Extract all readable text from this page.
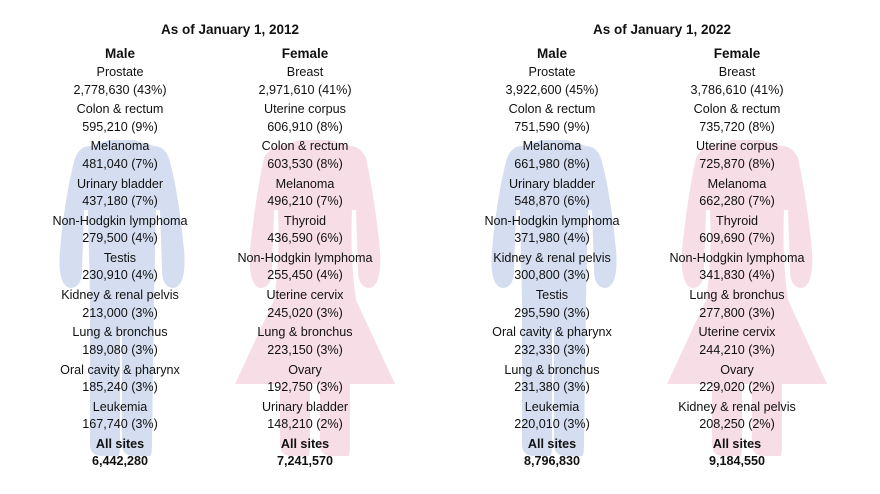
As of January 1, 2012
Male
Prostate
2,778,630 (43%)
Colon & rectum
595,210 (9%)
Melanoma
481,040 (7%)
Urinary bladder
437,180 (7%)
Non-Hodgkin lymphoma
279,500 (4%)
Testis
230,910 (4%)
Kidney & renal pelvis
213,000 (3%)
Lung & bronchus
189,080 (3%)
Oral cavity & pharynx
185,240 (3%)
Leukemia
167,740 (3%)
All sites
6,442,280
Female
Breast
2,971,610 (41%)
Uterine corpus
606,910 (8%)
Colon & rectum
603,530 (8%)
Melanoma
496,210 (7%)
Thyroid
436,590 (6%)
Non-Hodgkin lymphoma
255,450 (4%)
Uterine cervix
245,020 (3%)
Lung & bronchus
223,150 (3%)
Ovary
192,750 (3%)
Urinary bladder
148,210 (2%)
All sites
7,241,570
As of January 1, 2022
Male
Prostate
3,922,600 (45%)
Colon & rectum
751,590 (9%)
Melanoma
661,980 (8%)
Urinary bladder
548,870 (6%)
Non-Hodgkin lymphoma
371,980 (4%)
Kidney & renal pelvis
300,800 (3%)
Testis
295,590 (3%)
Oral cavity & pharynx
232,330 (3%)
Lung & bronchus
231,380 (3%)
Leukemia
220,010 (3%)
All sites
8,796,830
Female
Breast
3,786,610 (41%)
Colon & rectum
735,720 (8%)
Uterine corpus
725,870 (8%)
Melanoma
662,280 (7%)
Thyroid
609,690 (7%)
Non-Hodgkin lymphoma
341,830 (4%)
Lung & bronchus
277,800 (3%)
Uterine cervix
244,210 (3%)
Ovary
229,020 (2%)
Kidney & renal pelvis
208,250 (2%)
All sites
9,184,550
